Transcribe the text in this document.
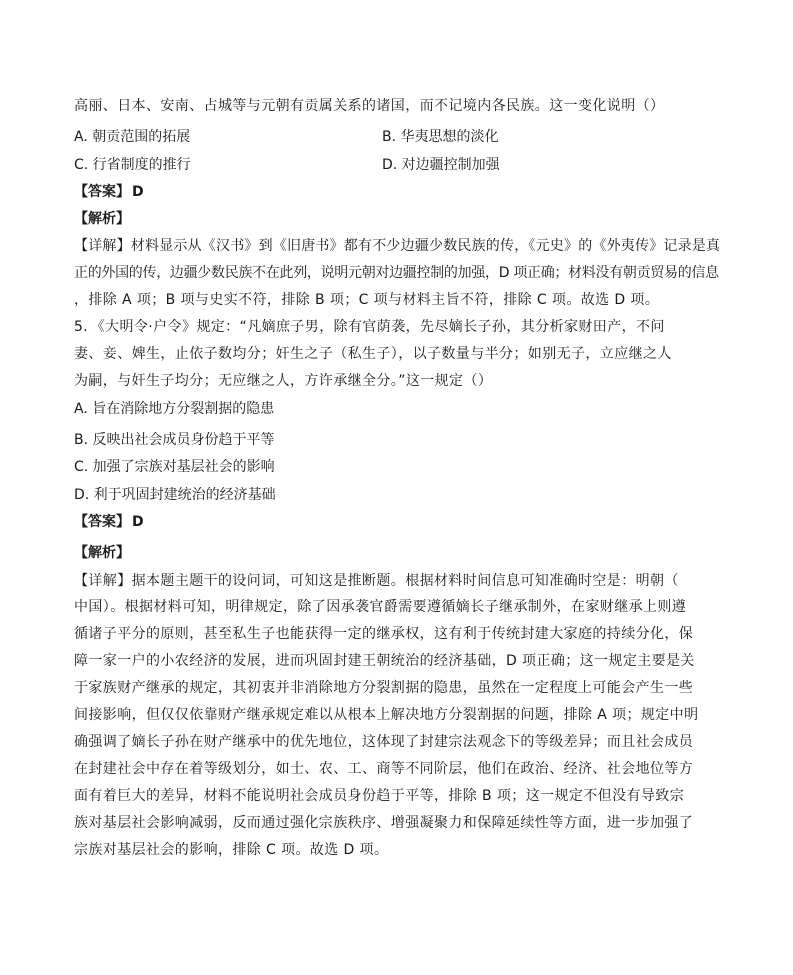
高丽、日本、安南、占城等与元朝有贡属关系的诸国，而不记境内各民族。这一变化说明（）
A. 朝贡范围的拓展	B. 华夷思想的淡化
C. 行省制度的推行	D. 对边疆控制加强
【答案】 D
【解析】
【详解】材料显示从《汉书》到《旧唐书》都有不少边疆少数民族的传，《元史》的《外夷传》记录是真
正的外国的传，边疆少数民族不在此列，说明元朝对边疆控制的加强，D 项正确；材料没有朝贡贸易的信息
，排除 A 项；B 项与史实不符，排除 B 项；C 项与材料主旨不符，排除 C 项。故选 D 项。
5．《大明令·户令》规定：“凡嫡庶子男，除有官荫袭，先尽嫡长子孙，其分析家财田产，不问
妻、妾、婢生，止依子数均分；奸生之子（私生子），以子数量与半分；如别无子，立应继之人
为嗣，与奸生子均分；无应继之人，方许承继全分。”这一规定（）
A. 旨在消除地方分裂割据的隐患
B. 反映出社会成员身份趋于平等
C. 加强了宗族对基层社会的影响
D. 利于巩固封建统治的经济基础
【答案】 D
【解析】
【详解】据本题主题干的设问词，可知这是推断题。根据材料时间信息可知准确时空是：明朝（
中国）。根据材料可知，明律规定，除了因承袭官爵需要遵循嫡长子继承制外，在家财继承上则遵
循诸子平分的原则，甚至私生子也能获得一定的继承权，这有利于传统封建大家庭的持续分化，保
障一家一户的小农经济的发展，进而巩固封建王朝统治的经济基础，D 项正确；这一规定主要是关
于家族财产继承的规定，其初衷并非消除地方分裂割据的隐患，虽然在一定程度上可能会产生一些
间接影响，但仅仅依靠财产继承规定难以从根本上解决地方分裂割据的问题，排除 A 项；规定中明
确强调了嫡长子孙在财产继承中的优先地位，这体现了封建宗法观念下的等级差异；而且社会成员
在封建社会中存在着等级划分，如士、农、工、商等不同阶层，他们在政治、经济、社会地位等方
面有着巨大的差异，材料不能说明社会成员身份趋于平等，排除 B 项；这一规定不但没有导致宗
族对基层社会影响减弱，反而通过强化宗族秩序、增强凝聚力和保障延续性等方面，进一步加强了
宗族对基层社会的影响，排除 C 项。故选 D 项。
